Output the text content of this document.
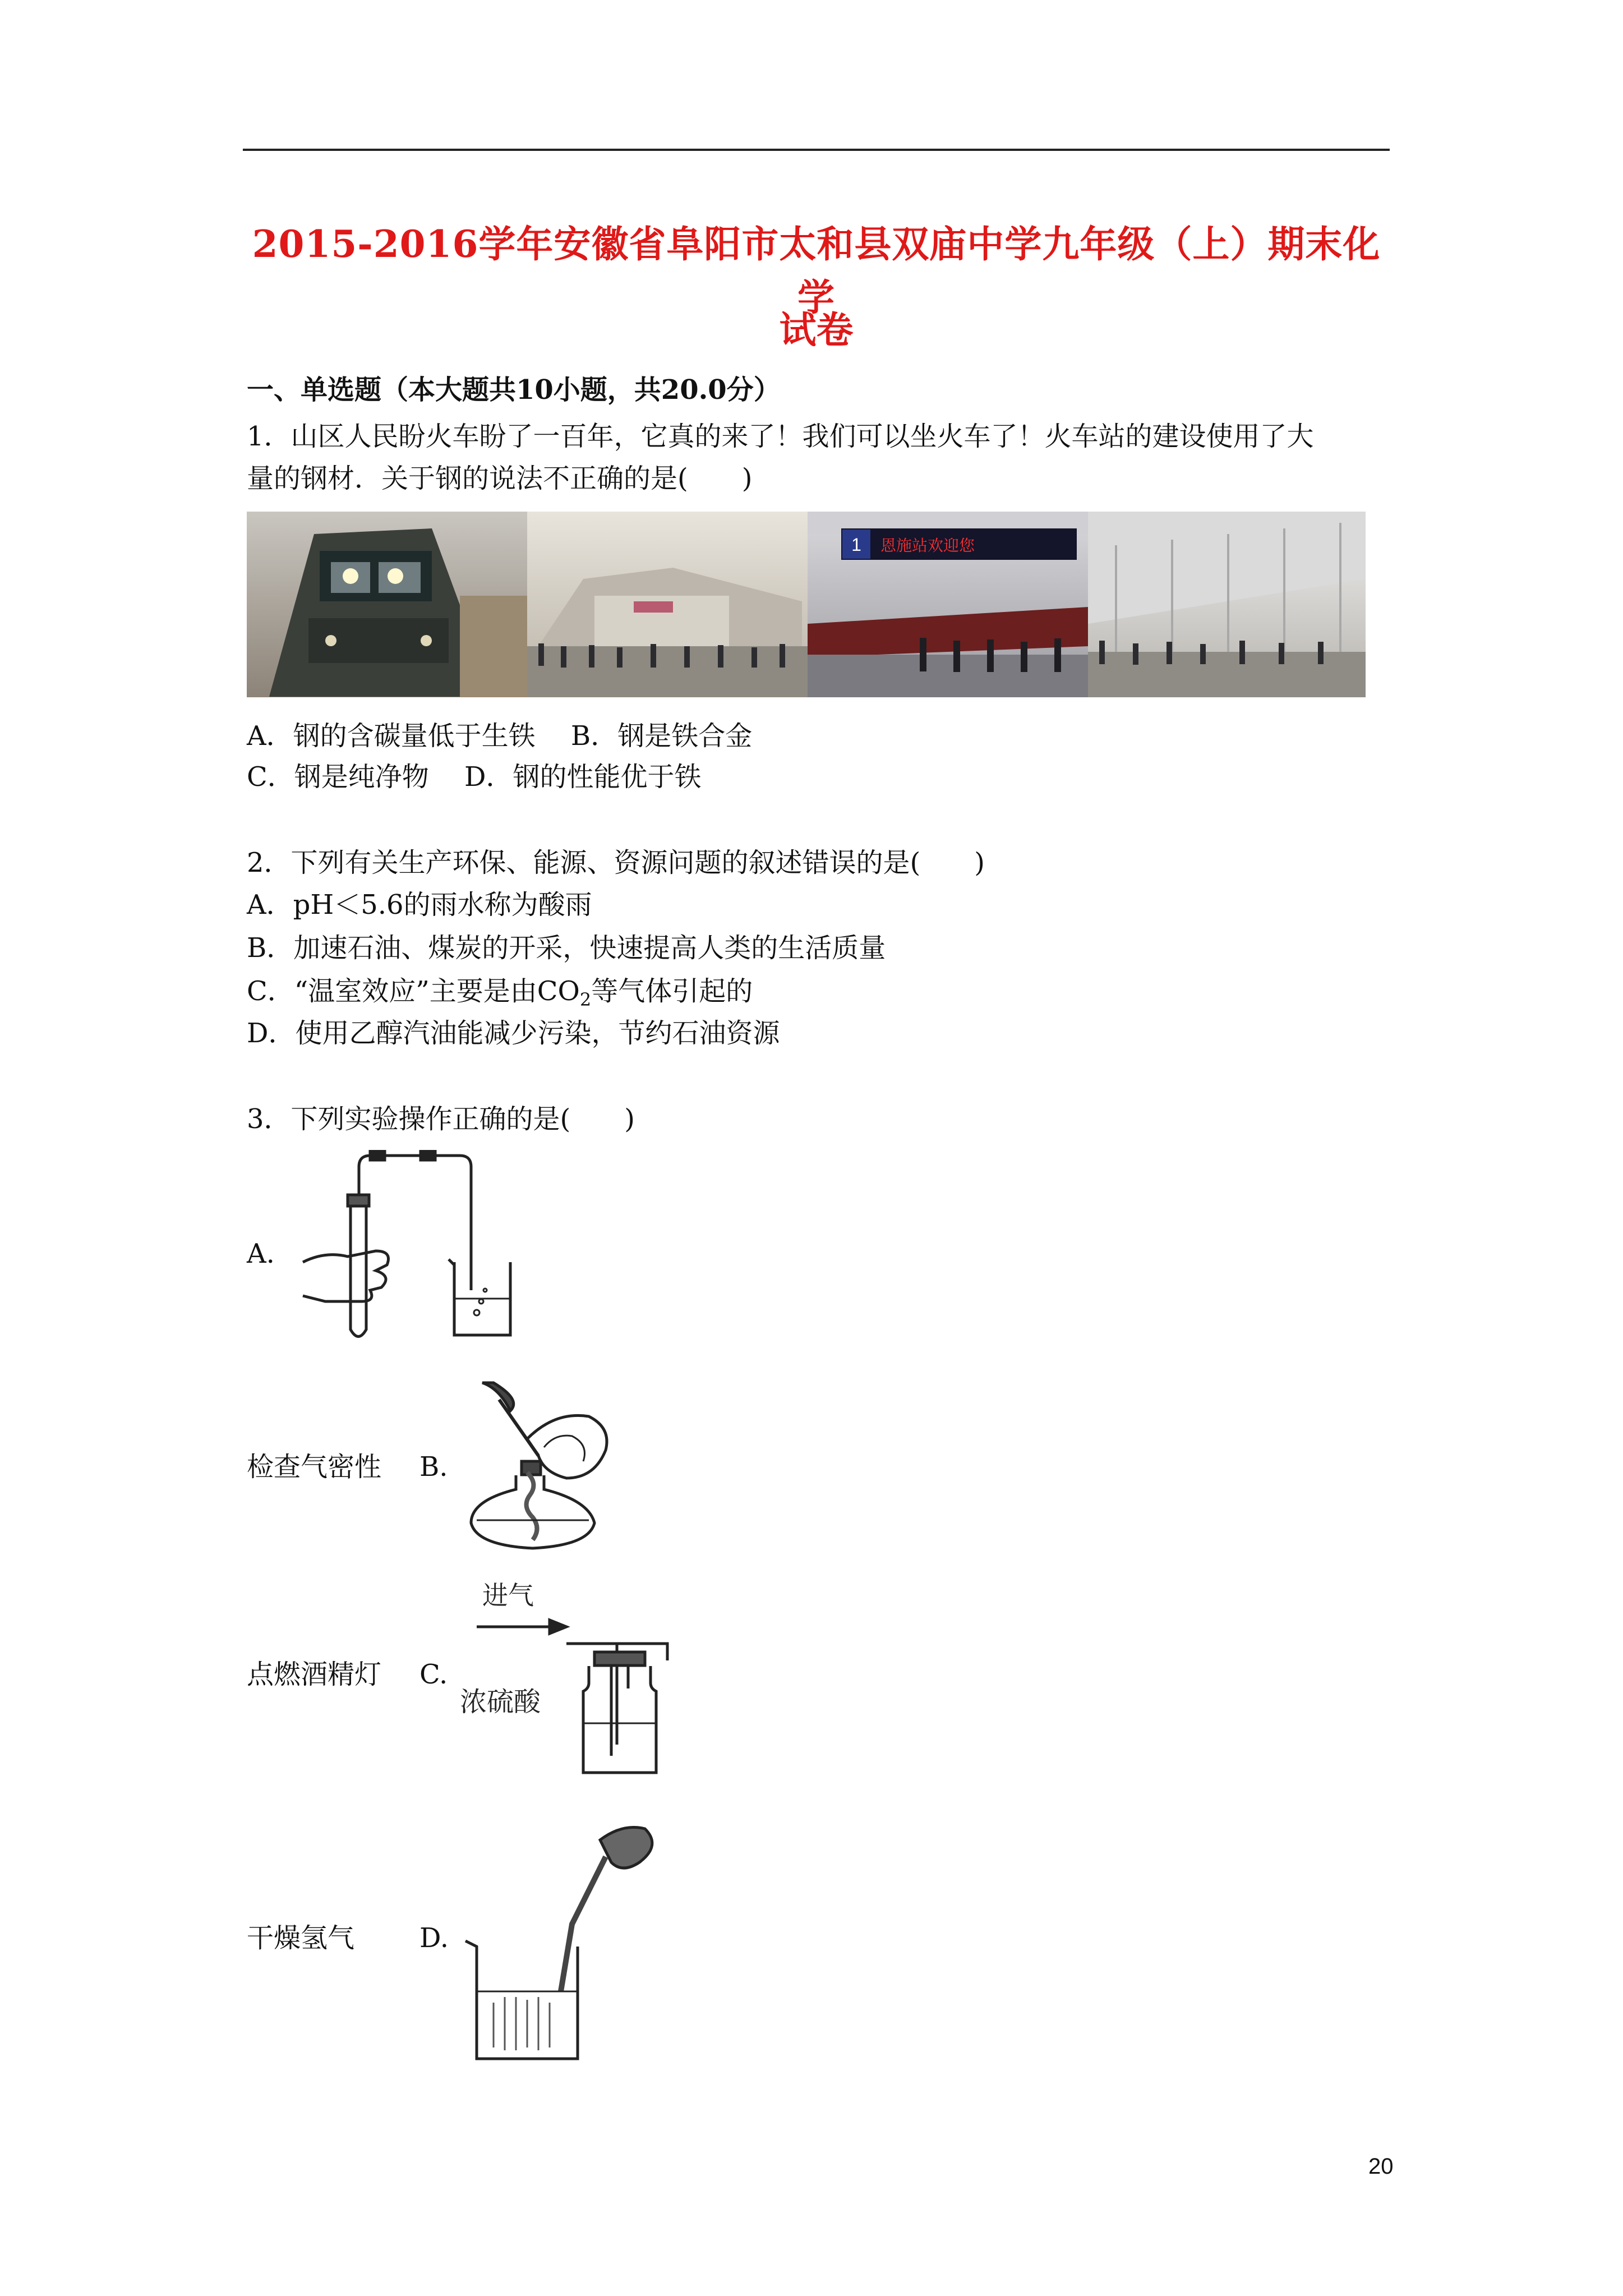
2015-2016学年安徽省阜阳市太和县双庙中学九年级（上）期末化学
试卷
一、单选题（本大题共10小题，共20.0分）
1．山区人民盼火车盼了一百年，它真的来了！我们可以坐火车了！火车站的建设使用了大
量的钢材．关于钢的说法不正确的是(　　)
1 恩施站欢迎您
A．钢的含碳量低于生铁　 B．钢是铁合金
C．钢是纯净物　 D．钢的性能优于铁
2．下列有关生产环保、能源、资源问题的叙述错误的是(　　)
A．pH＜5.6的雨水称为酸雨
B．加速石油、煤炭的开采，快速提高人类的生活质量
C．“温室效应”主要是由$CO_2$等气体引起的
D．使用乙醇汽油能减少污染，节约石油资源
3．下列实验操作正确的是(　　)
A.
检查气密性 B.
点燃酒精灯 C.
进气
浓硫酸
干燥氢气 D.
20
